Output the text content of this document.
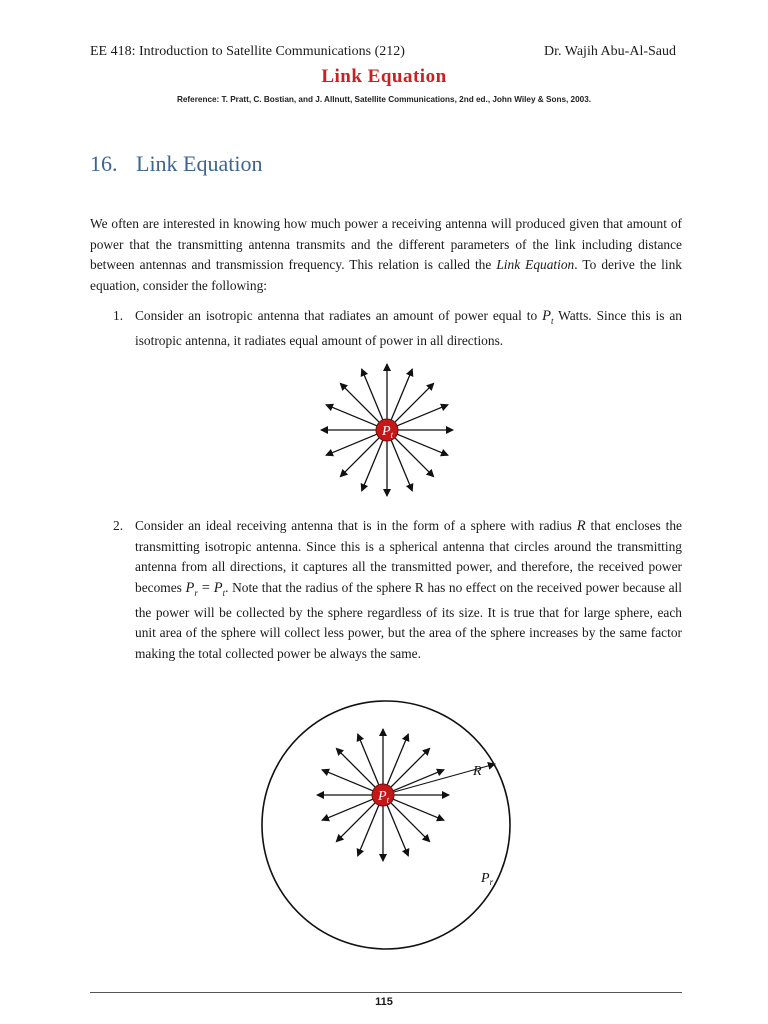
EE 418: Introduction to Satellite Communications (212)	Dr. Wajih Abu-Al-Saud
Link Equation
Reference: T. Pratt, C. Bostian, and J. Allnutt, Satellite Communications, 2nd ed., John Wiley & Sons, 2003.
16. Link Equation
We often are interested in knowing how much power a receiving antenna will produced given that amount of power that the transmitting antenna transmits and the different parameters of the link including distance between antennas and transmission frequency. This relation is called the Link Equation. To derive the link equation, consider the following:
1. Consider an isotropic antenna that radiates an amount of power equal to $P_t$ Watts. Since this is an isotropic antenna, it radiates equal amount of power in all directions.
$P_t$
2. Consider an ideal receiving antenna that is in the form of a sphere with radius R that encloses the transmitting isotropic antenna. Since this is a spherical antenna that circles around the transmitting antenna from all directions, it captures all the transmitted power, and therefore, the received power becomes $P_r = P_t$. Note that the radius of the sphere R has no effect on the received power because all the power will be collected by the sphere regardless of its size. It is true that for large sphere, each unit area of the sphere will collect less power, but the area of the sphere increases by the same factor making the total collected power be always the same.
R
$P_t$
$P_r$
115
